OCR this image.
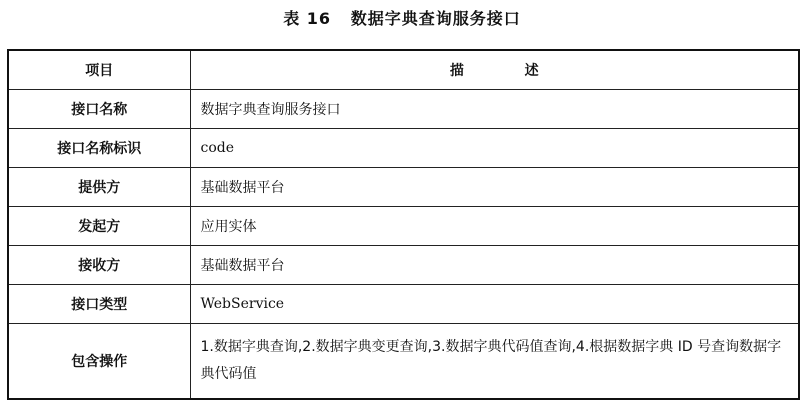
表 16   数据字典查询服务接口
项目	描 述
接口名称	数据字典查询服务接口
接口名称标识	code
提供方	基础数据平台
发起方	应用实体
接收方	基础数据平台
接口类型	WebService
包含操作	1.数据字典查询,2.数据字典变更查询,3.数据字典代码值查询,4.根据数据字典 ID 号查询数据字典代码值
